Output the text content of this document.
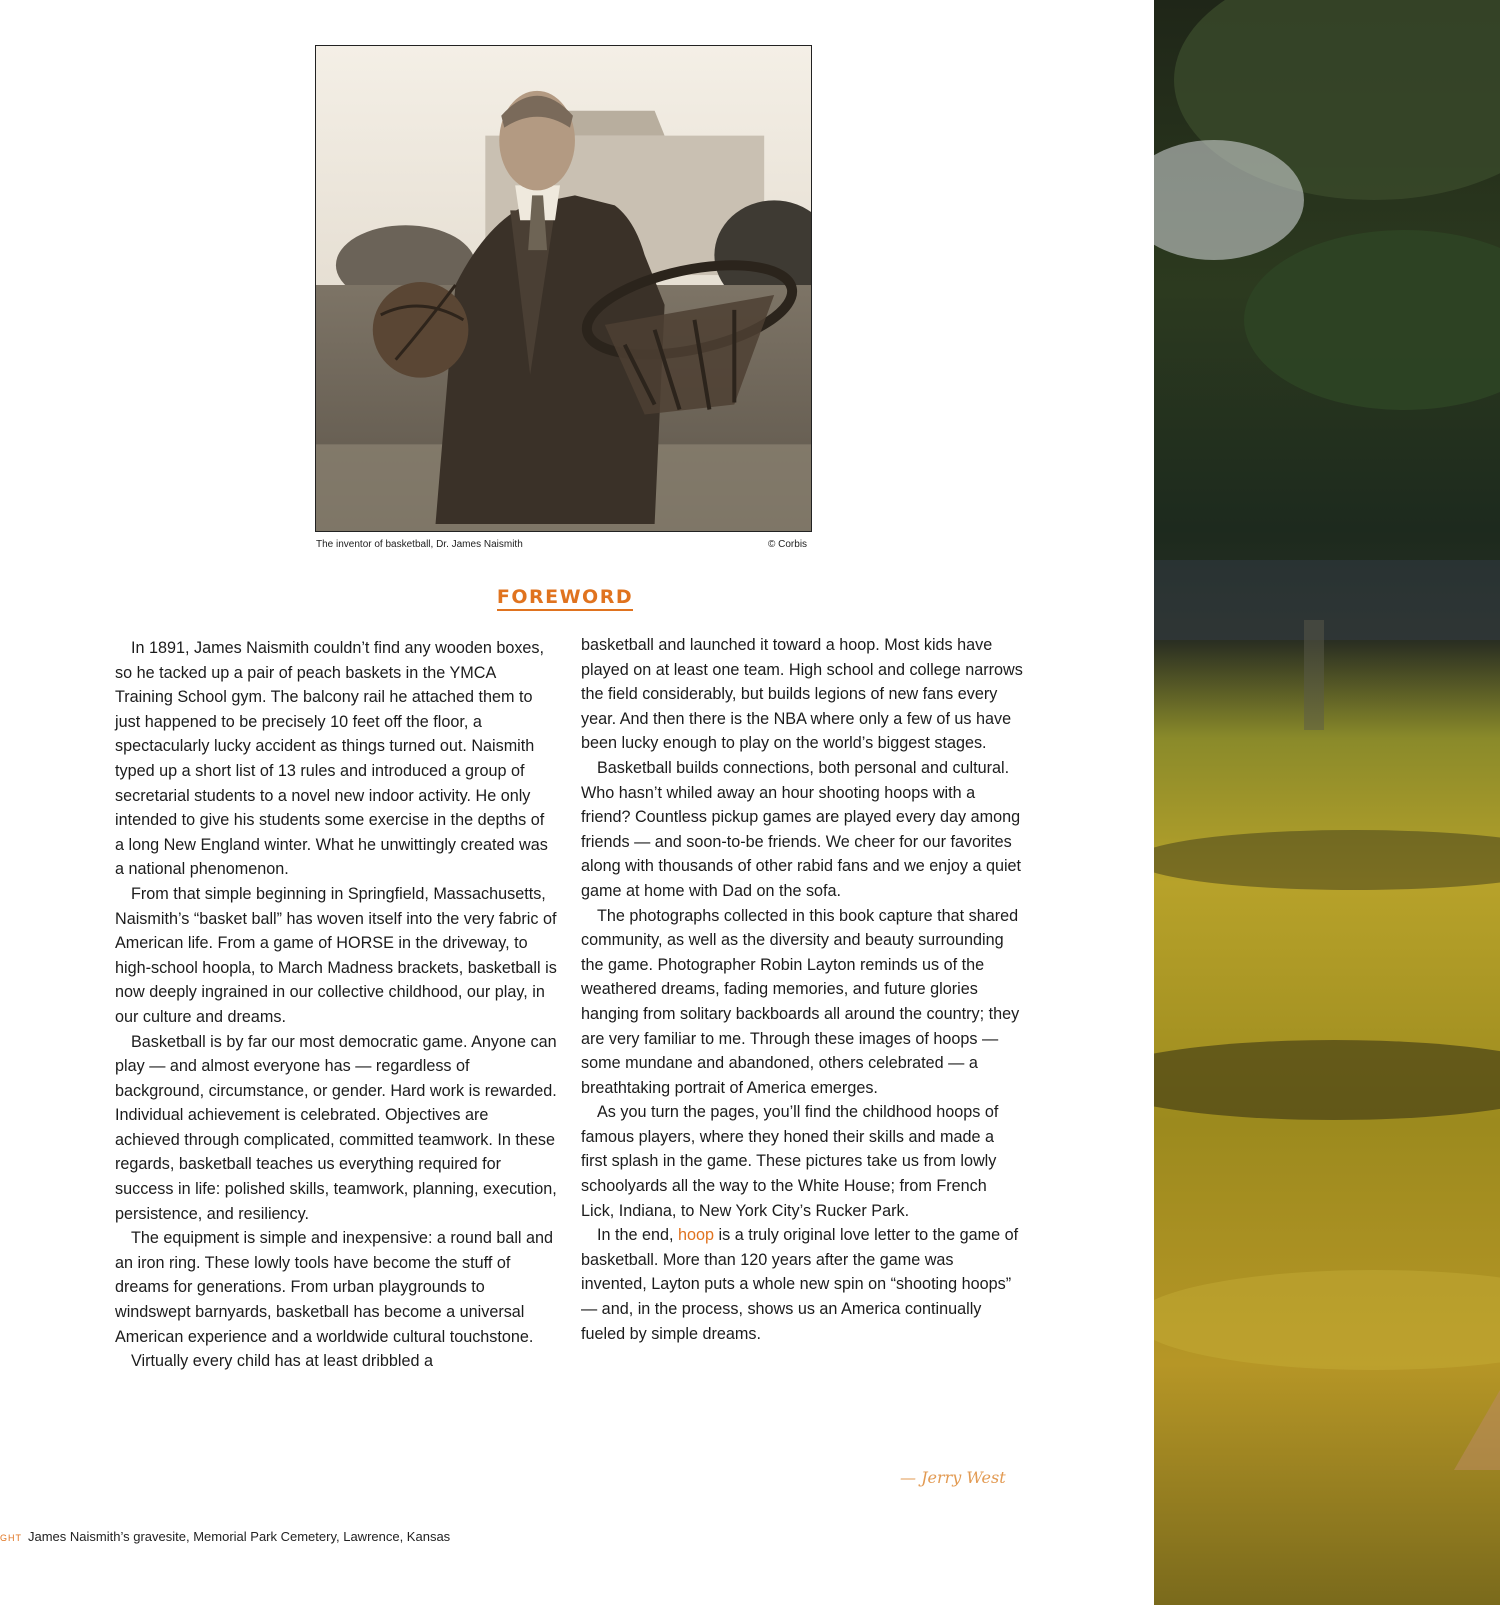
The inventor of basketball, Dr. James Naismith	© Corbis
FOREWORD

In 1891, James Naismith couldn’t find any wooden boxes, so he tacked up a pair of peach baskets in the YMCA Training School gym. The balcony rail he attached them to just happened to be precisely 10 feet off the floor, a spectacularly lucky accident as things turned out. Naismith typed up a short list of 13 rules and introduced a group of secretarial students to a novel new indoor activity. He only intended to give his students some exercise in the depths of a long New England winter. What he unwittingly created was a national phenomenon.

From that simple beginning in Springfield, Massachusetts, Naismith’s “basket ball” has woven itself into the very fabric of American life. From a game of HORSE in the driveway, to high-school hoopla, to March Madness brackets, basketball is now deeply ingrained in our collective childhood, our play, in our culture and dreams.

Basketball is by far our most democratic game. Anyone can play — and almost everyone has — regardless of background, circumstance, or gender. Hard work is rewarded. Individual achievement is celebrated. Objectives are achieved through complicated, committed teamwork. In these regards, basketball teaches us everything required for success in life: polished skills, teamwork, planning, execution, persistence, and resiliency.

The equipment is simple and inexpensive: a round ball and an iron ring. These lowly tools have become the stuff of dreams for generations. From urban playgrounds to windswept barnyards, basketball has become a universal American experience and a worldwide cultural touchstone.

Virtually every child has at least dribbled a

basketball and launched it toward a hoop. Most kids have played on at least one team. High school and college narrows the field considerably, but builds legions of new fans every year. And then there is the NBA where only a few of us have been lucky enough to play on the world’s biggest stages.

Basketball builds connections, both personal and cultural. Who hasn’t whiled away an hour shooting hoops with a friend? Countless pickup games are played every day among friends — and soon-to-be friends. We cheer for our favorites along with thousands of other rabid fans and we enjoy a quiet game at home with Dad on the sofa.

The photographs collected in this book capture that shared community, as well as the diversity and beauty surrounding the game. Photographer Robin Layton reminds us of the weathered dreams, fading memories, and future glories hanging from solitary backboards all around the country; they are very familiar to me. Through these images of hoops — some mundane and abandoned, others celebrated — a breathtaking portrait of America emerges.

As you turn the pages, you’ll find the childhood hoops of famous players, where they honed their skills and made a first splash in the game. These pictures take us from lowly schoolyards all the way to the White House; from French Lick, Indiana, to New York City’s Rucker Park.

In the end, hoop is a truly original love letter to the game of basketball. More than 120 years after the game was invented, Layton puts a whole new spin on “shooting hoops” — and, in the process, shows us an America continually fueled by simple dreams.

— Jerry West
GHT James Naismith’s gravesite, Memorial Park Cemetery, Lawrence, Kansas
